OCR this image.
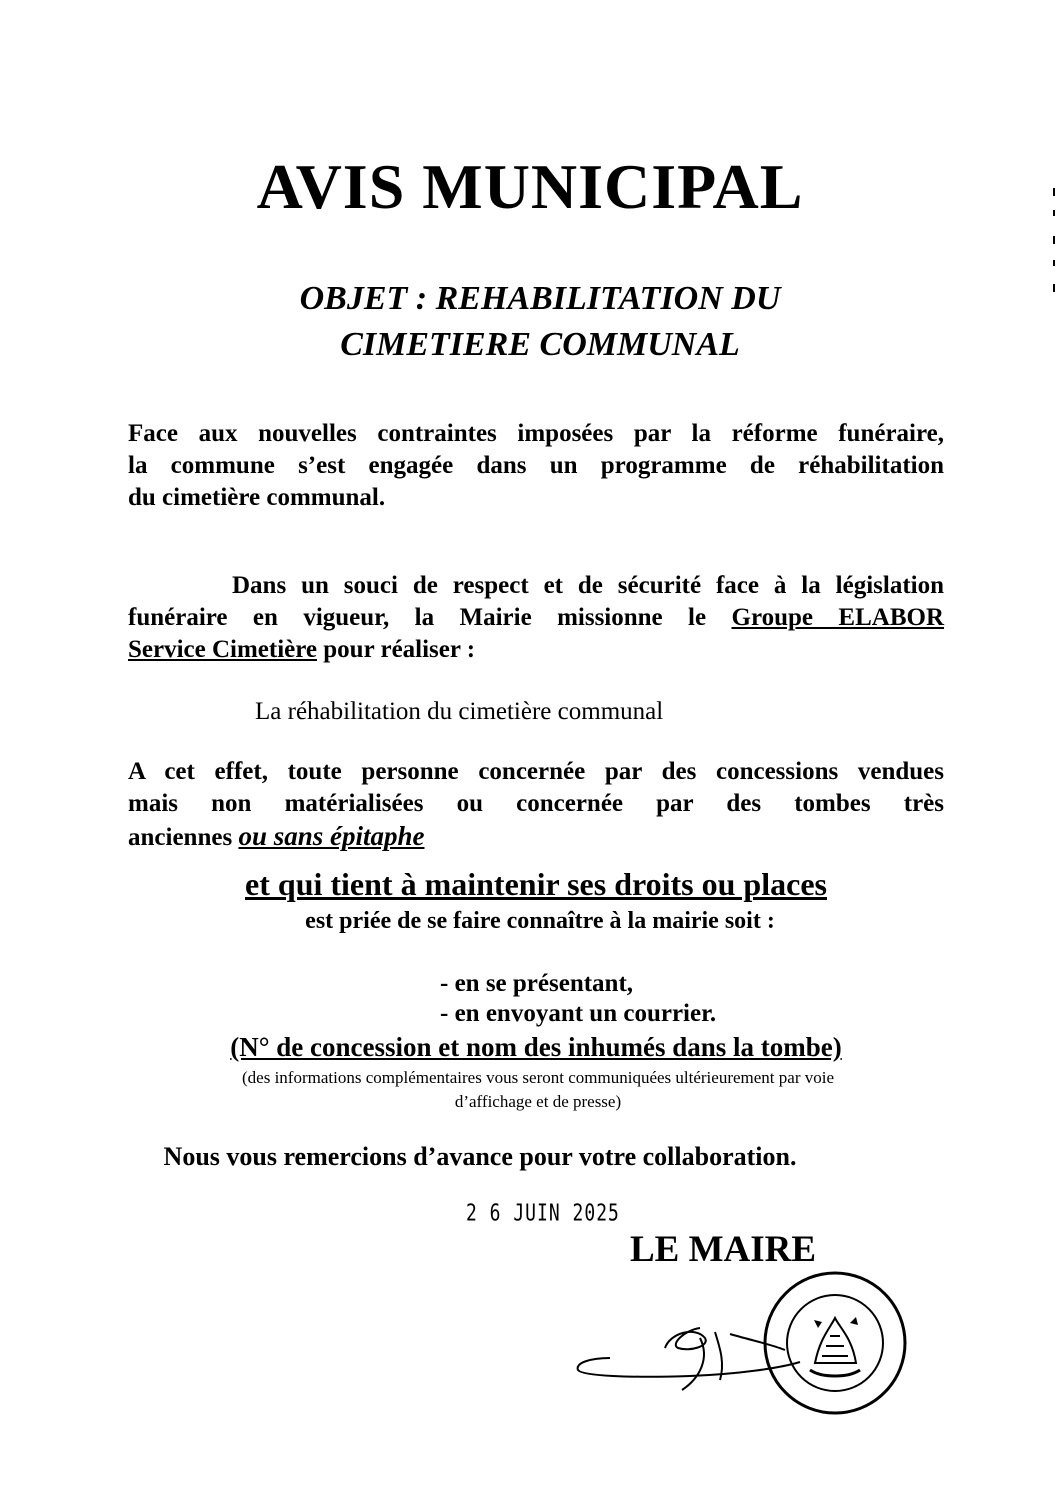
AVIS MUNICIPAL
OBJET : REHABILITATION DU
CIMETIERE COMMUNAL
Face aux nouvelles contraintes imposées par la réforme funéraire,
la commune s’est engagée dans un programme de réhabilitation
du cimetière communal.
Dans un souci de respect et de sécurité face à la législation
funéraire en vigueur, la Mairie missionne le Groupe ELABOR
Service Cimetière pour réaliser :
La réhabilitation du cimetière communal
A cet effet, toute personne concernée par des concessions vendues
mais non matérialisées ou concernée par des tombes très
anciennes ou sans épitaphe
et qui tient à maintenir ses droits ou places
est priée de se faire connaître à la mairie soit :
- en se présentant,
- en envoyant un courrier.
(N° de concession et nom des inhumés dans la tombe)
(des informations complémentaires vous seront communiquées ultérieurement par voie
d’affichage et de presse)
Nous vous remercions d’avance pour votre collaboration.
2 6 JUIN 2025
LE MAIRE
